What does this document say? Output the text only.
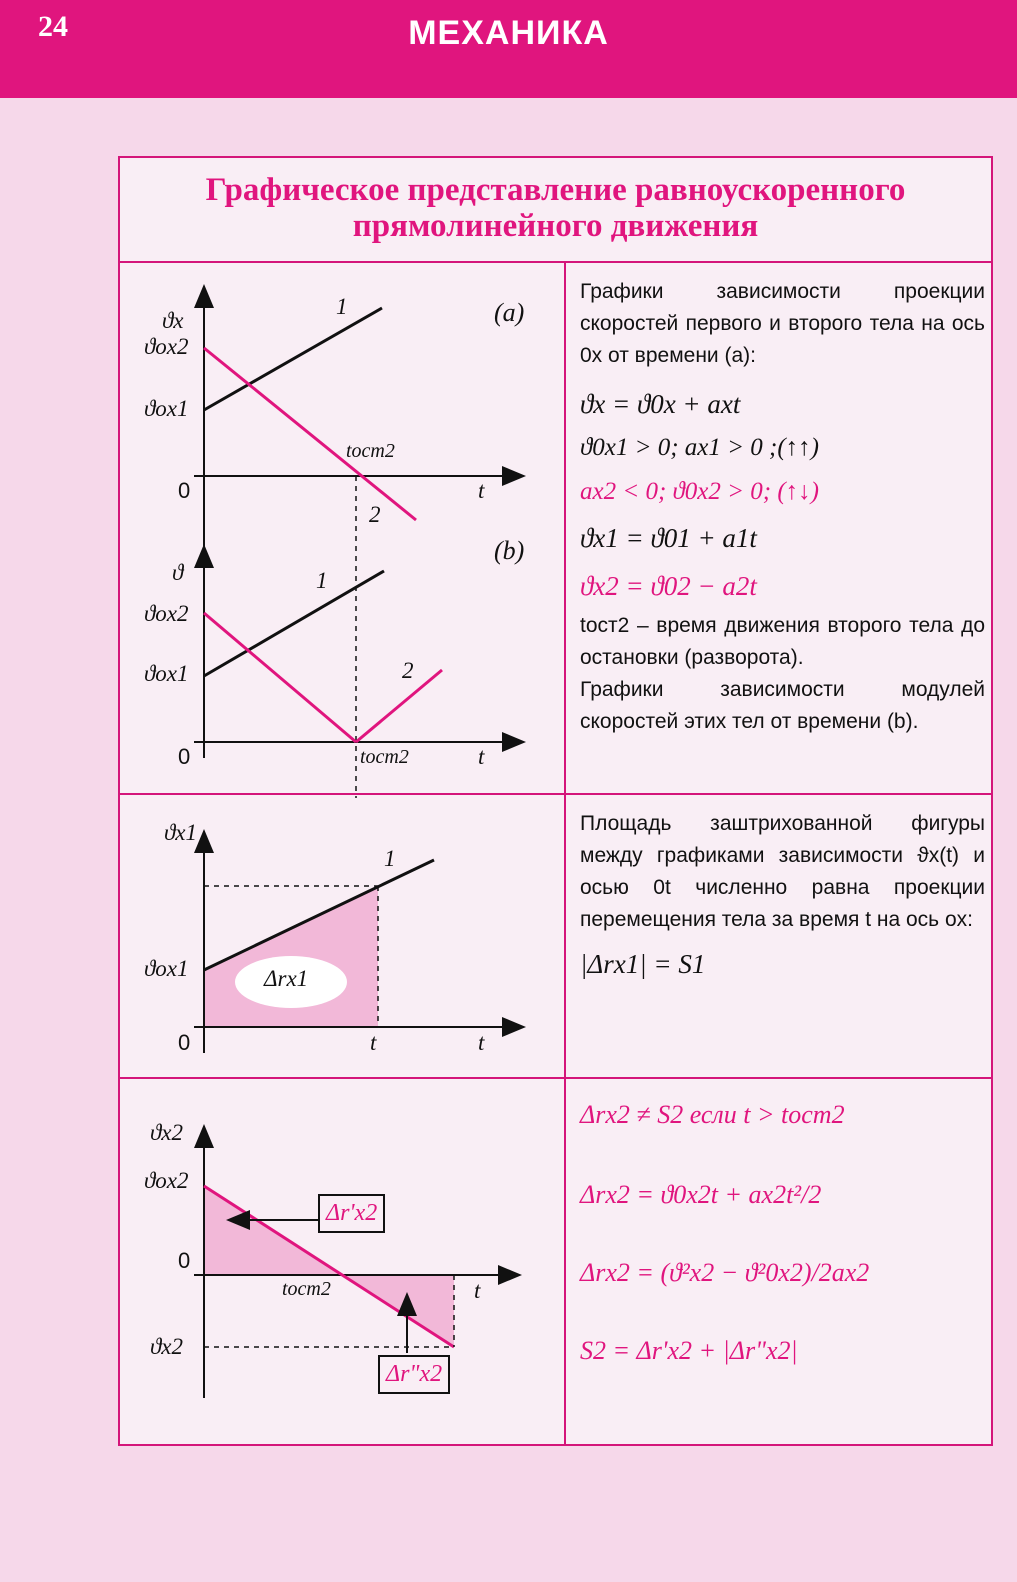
24	МЕХАНИКА
Графическое представление равноускоренного
прямолинейного движения
ϑx
ϑox2
ϑox1
0	t
tост2
1
2
(a)
ϑ
ϑox2
ϑox1
0	t
tост2
1
2
(b)
ϑx1
ϑox1
0	t	t
1
Δrx1
ϑx2
ϑox2
ϑx2
0
t
tост2
Δr'x2
Δr"x2
Графики зависимости проекции скоростей первого и второго тела на ось 0x от времени (a):
ϑx = ϑ0x + axt
ϑ0x1 > 0; ax1 > 0 ;(↑↑)
ax2 < 0; ϑ0x2 > 0; (↑↓)
ϑx1 = ϑ01 + a1t
ϑx2 = ϑ02 − a2t
tост2 – время движения второго тела до остановки (разворота).
Графики зависимости модулей скоростей этих тел от времени (b).
Площадь заштрихованной фигуры между графиками зависимости ϑx(t) и осью 0t численно равна проекции перемещения тела за время t на ось ox:
|Δrx1| = S1
Δrx2 ≠ S2 если t > tост2
Δrx2 = ϑ0x2t + ax2t²/2
Δrx2 = (ϑ²x2 − ϑ²0x2)/2ax2
S2 = Δr'x2 + |Δr"x2|
